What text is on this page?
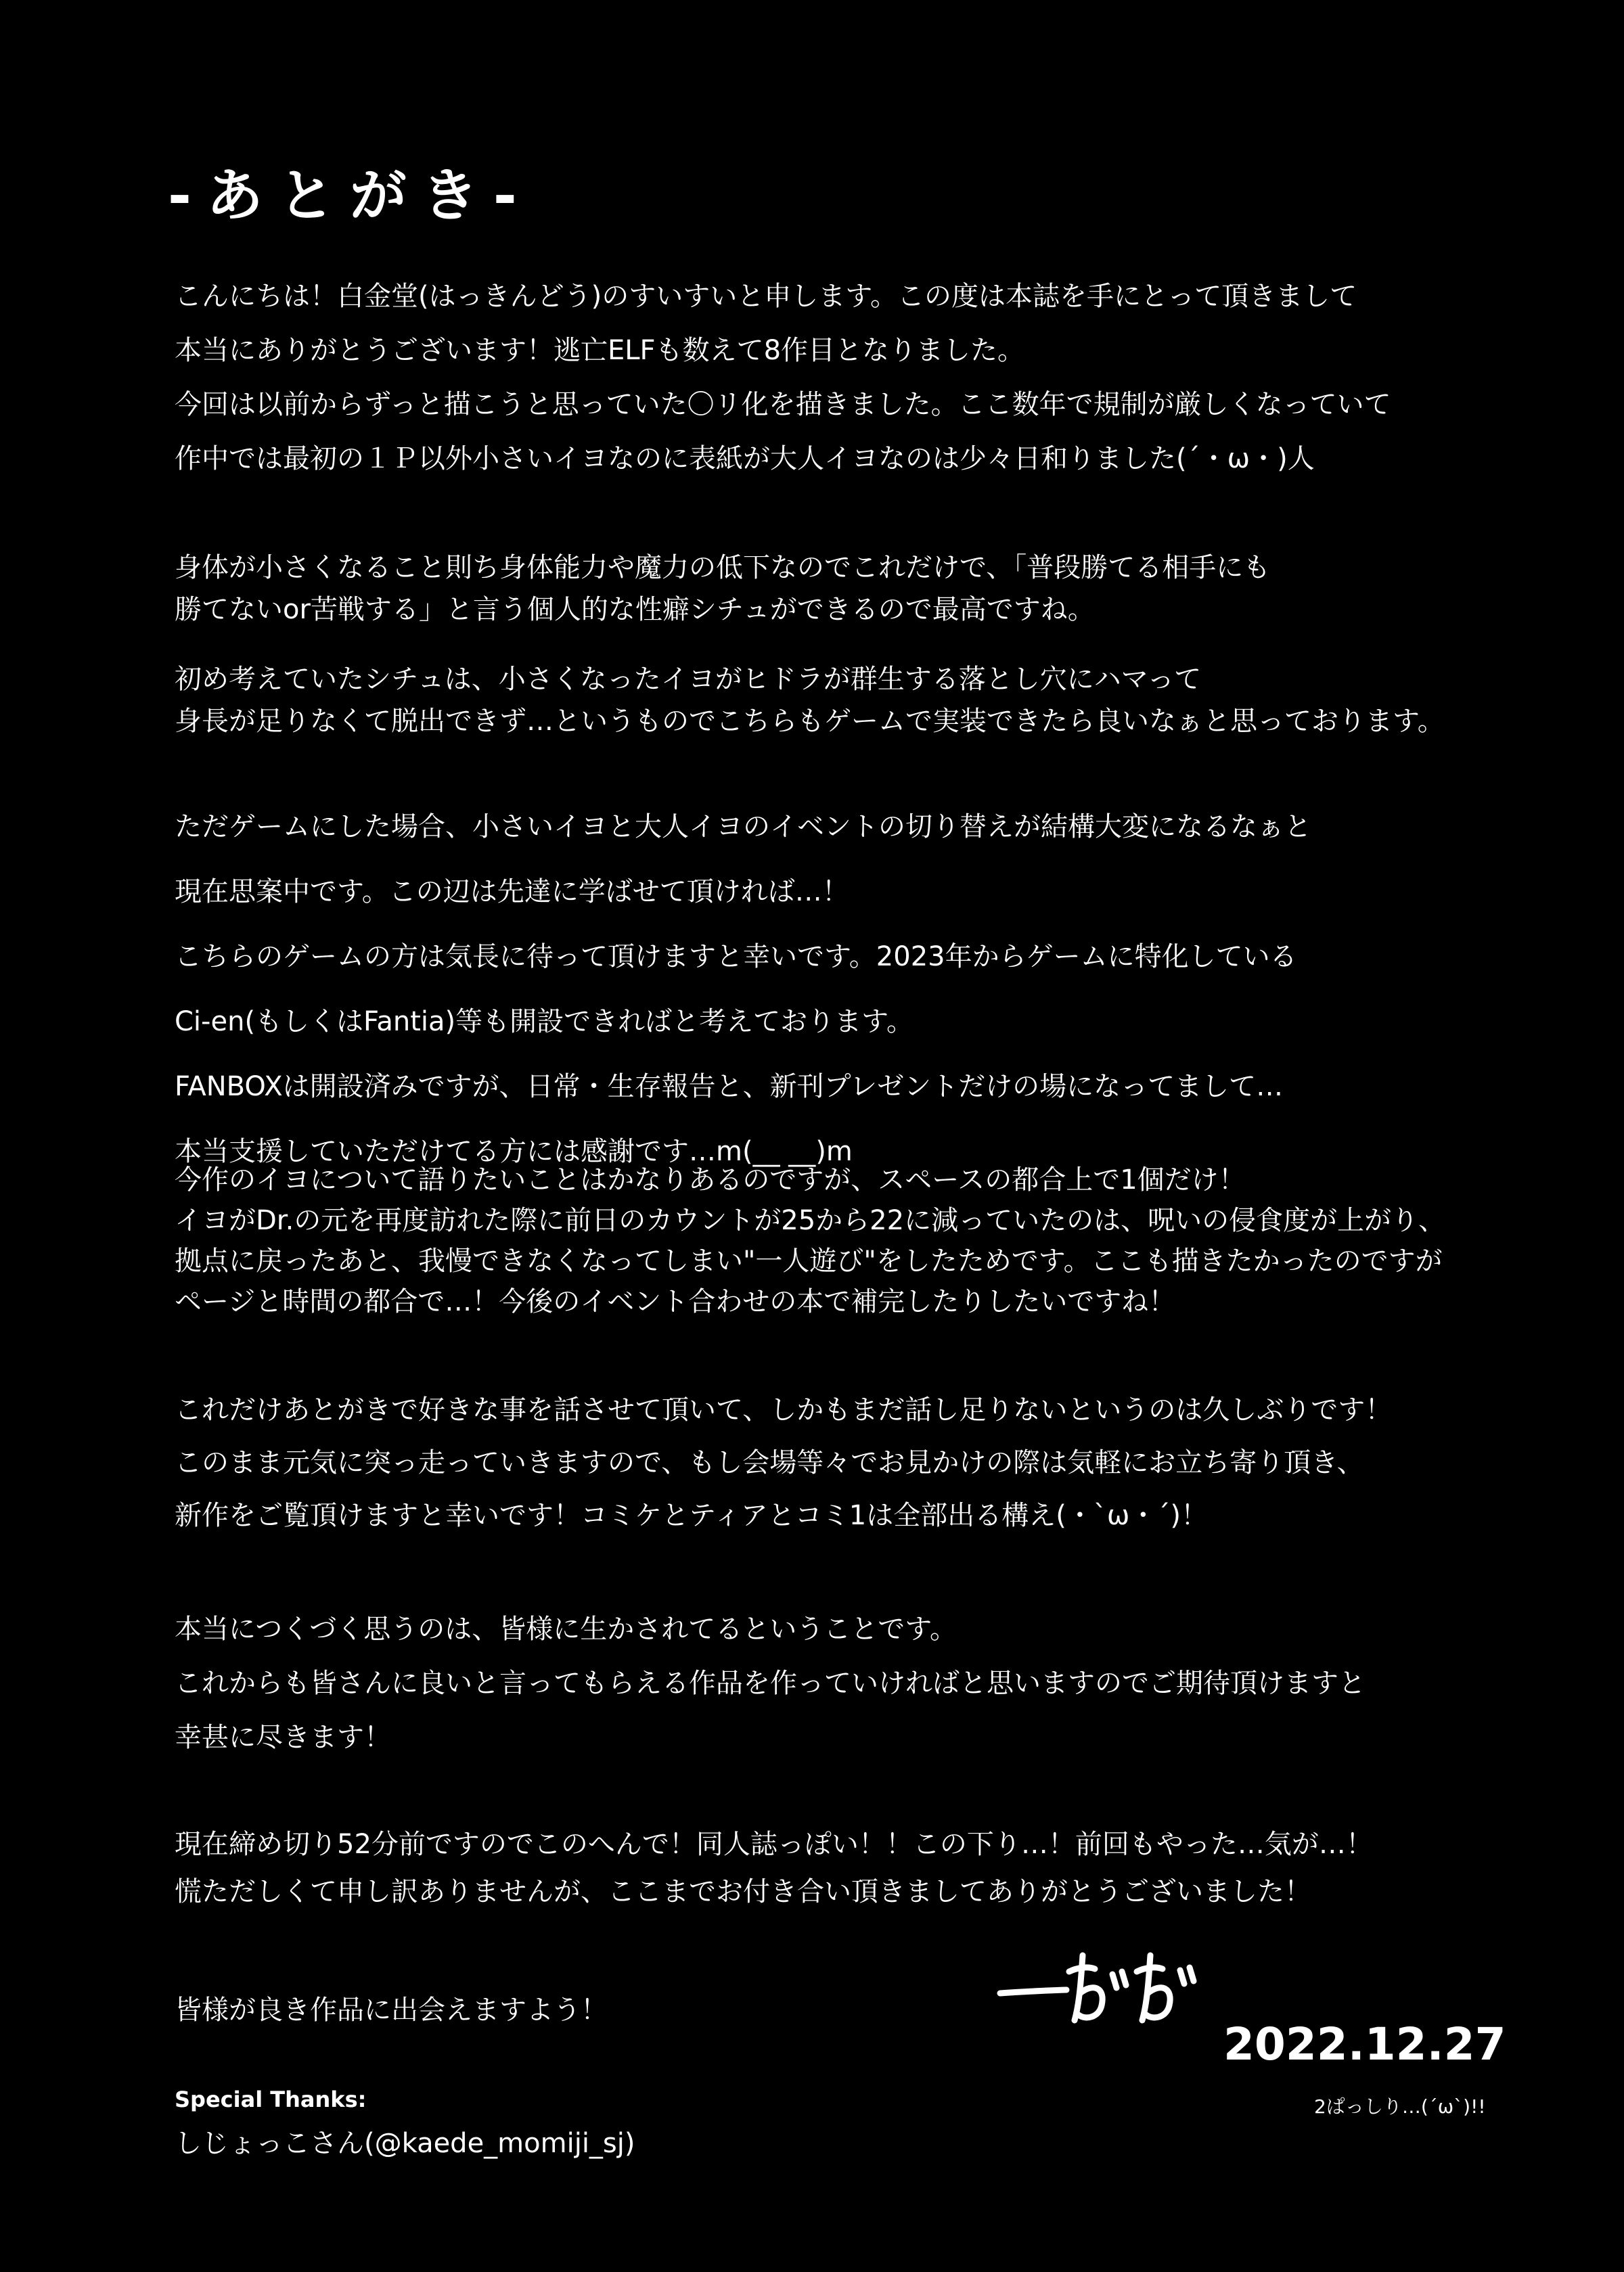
-あとがき-
こんにちは！白金堂(はっきんどう)のすいすいと申します。この度は本誌を手にとって頂きまして
本当にありがとうございます！逃亡ELFも数えて8作目となりました。
今回は以前からずっと描こうと思っていた〇リ化を描きました。ここ数年で規制が厳しくなっていて
作中では最初の１Ｐ以外小さいイヨなのに表紙が大人イヨなのは少々日和りました(´・ω・)人
身体が小さくなること則ち身体能力や魔力の低下なのでこれだけで、「普段勝てる相手にも
勝てないor苦戦する」と言う個人的な性癖シチュができるので最高ですね。
初め考えていたシチュは、小さくなったイヨがヒドラが群生する落とし穴にハマって
身長が足りなくて脱出できず…というものでこちらもゲームで実装できたら良いなぁと思っております。
ただゲームにした場合、小さいイヨと大人イヨのイベントの切り替えが結構大変になるなぁと
現在思案中です。この辺は先達に学ばせて頂ければ…！
こちらのゲームの方は気長に待って頂けますと幸いです。2023年からゲームに特化している
Ci-en(もしくはFantia)等も開設できればと考えております。
FANBOXは開設済みですが、日常・生存報告と、新刊プレゼントだけの場になってまして…
本当支援していただけてる方には感謝です…m(__ __)m
今作のイヨについて語りたいことはかなりあるのですが、スペースの都合上で1個だけ！
イヨがDr.の元を再度訪れた際に前日のカウントが25から22に減っていたのは、呪いの侵食度が上がり、
拠点に戻ったあと、我慢できなくなってしまい"一人遊び"をしたためです。ここも描きたかったのですが
ページと時間の都合で…！今後のイベント合わせの本で補完したりしたいですね！
これだけあとがきで好きな事を話させて頂いて、しかもまだ話し足りないというのは久しぶりです！
このまま元気に突っ走っていきますので、もし会場等々でお見かけの際は気軽にお立ち寄り頂き、
新作をご覧頂けますと幸いです！コミケとティアとコミ1は全部出る構え(・`ω・´)！
本当につくづく思うのは、皆様に生かされてるということです。
これからも皆さんに良いと言ってもらえる作品を作っていければと思いますのでご期待頂けますと
幸甚に尽きます！
現在締め切り52分前ですのでこのへんで！同人誌っぽい！！この下り…！前回もやった…気が…！
慌ただしくて申し訳ありませんが、ここまでお付き合い頂きましてありがとうございました！
皆様が良き作品に出会えますよう！
2022.12.27
2ぱっしり…(´ω`)!!
Special Thanks:
しじょっこさん(@kaede_momiji_sj)
